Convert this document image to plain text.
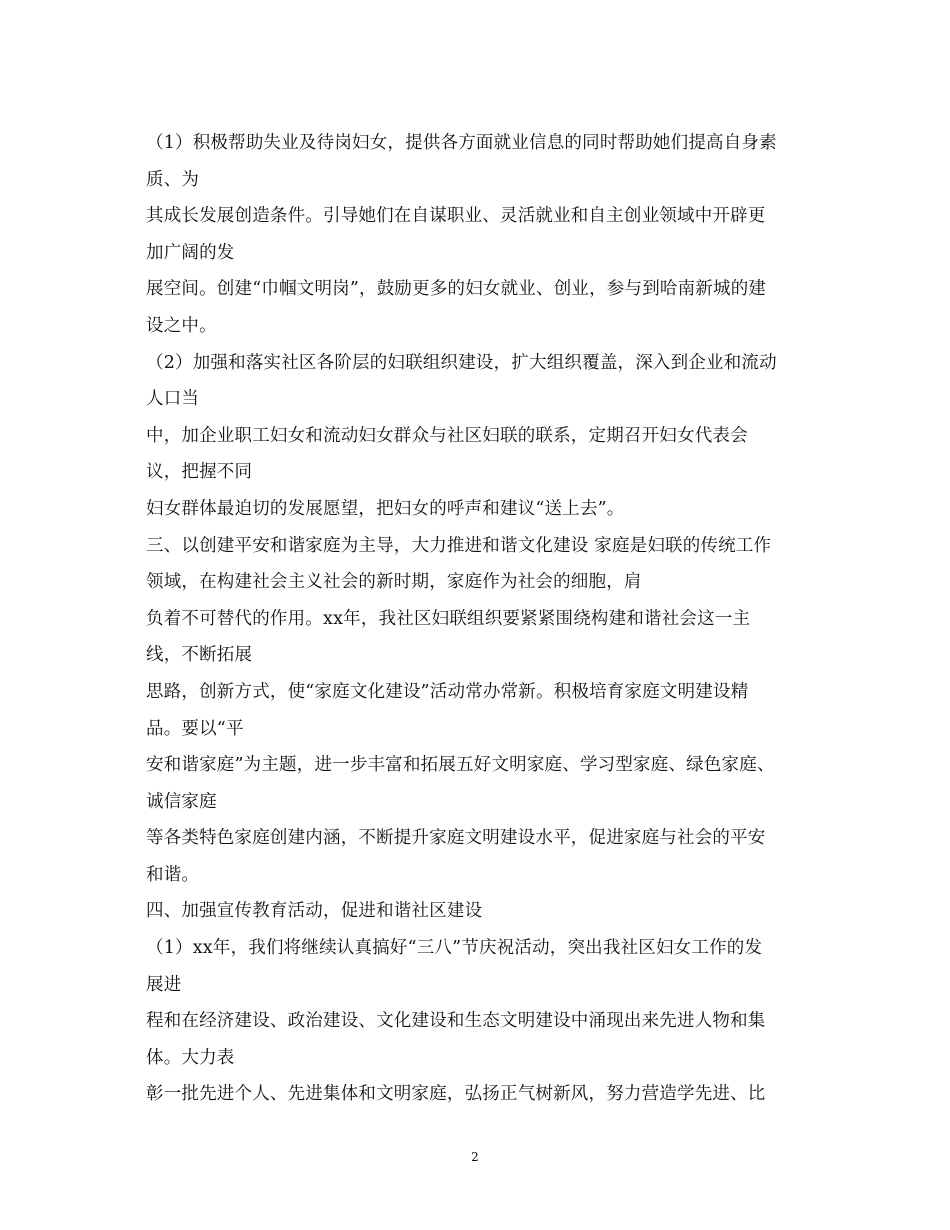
（1）积极帮助失业及待岗妇女，提供各方面就业信息的同时帮助她们提高自身素
质、为
其成长发展创造条件。引导她们在自谋职业、灵活就业和自主创业领域中开辟更
加广阔的发
展空间。创建“巾帼文明岗”，鼓励更多的妇女就业、创业，参与到哈南新城的建
设之中。
（2）加强和落实社区各阶层的妇联组织建设，扩大组织覆盖，深入到企业和流动
人口当
中，加企业职工妇女和流动妇女群众与社区妇联的联系，定期召开妇女代表会
议，把握不同
妇女群体最迫切的发展愿望，把妇女的呼声和建议“送上去”。
三、以创建平安和谐家庭为主导，大力推进和谐文化建设 家庭是妇联的传统工作
领域，在构建社会主义社会的新时期，家庭作为社会的细胞，肩
负着不可替代的作用。xx年，我社区妇联组织要紧紧围绕构建和谐社会这一主
线，不断拓展
思路，创新方式，使“家庭文化建设”活动常办常新。积极培育家庭文明建设精
品。要以“平
安和谐家庭”为主题，进一步丰富和拓展五好文明家庭、学习型家庭、绿色家庭、
诚信家庭
等各类特色家庭创建内涵，不断提升家庭文明建设水平，促进家庭与社会的平安
和谐。
四、加强宣传教育活动，促进和谐社区建设
（1）xx年，我们将继续认真搞好“三八”节庆祝活动，突出我社区妇女工作的发
展进
程和在经济建设、政治建设、文化建设和生态文明建设中涌现出来先进人物和集
体。大力表
彰一批先进个人、先进集体和文明家庭，弘扬正气树新风，努力营造学先进、比
2
